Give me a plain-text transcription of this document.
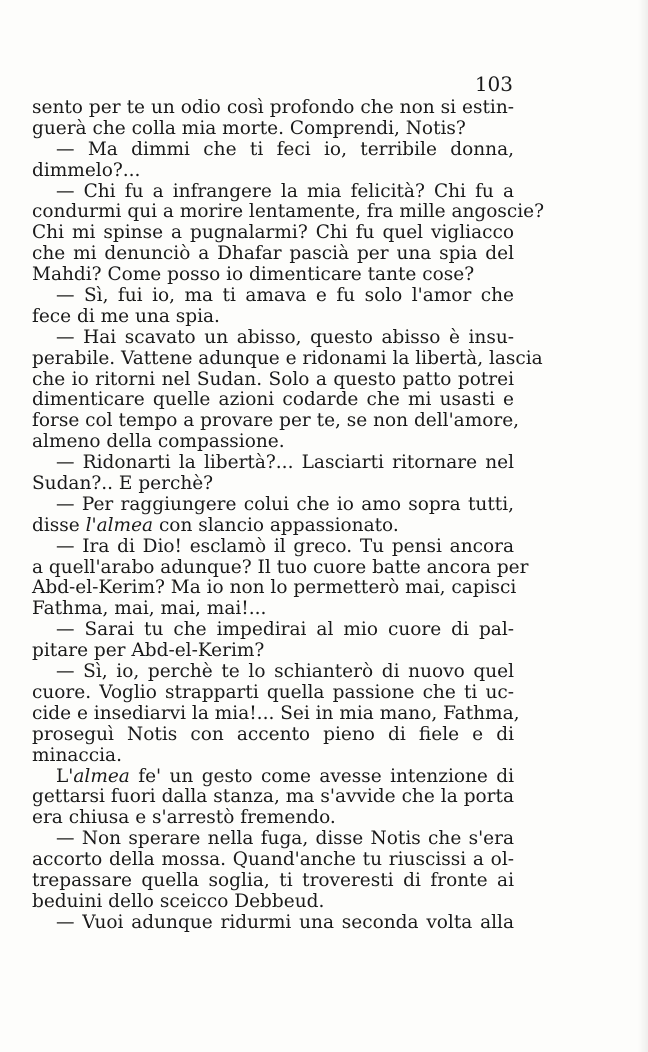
103
sento per te un odio così profondo che non si estin-
guerà che colla mia morte. Comprendi, Notis?
— Ma dimmi che ti feci io, terribile donna,
dimmelo?...
— Chi fu a infrangere la mia felicità? Chi fu a
condurmi qui a morire lentamente, fra mille angoscie?
Chi mi spinse a pugnalarmi? Chi fu quel vigliacco
che mi denunciò a Dhafar pascià per una spia del
Mahdi? Come posso io dimenticare tante cose?
— Sì, fui io, ma ti amava e fu solo l'amor che
fece di me una spia.
— Hai scavato un abisso, questo abisso è insu-
perabile. Vattene adunque e ridonami la libertà, lascia
che io ritorni nel Sudan. Solo a questo patto potrei
dimenticare quelle azioni codarde che mi usasti e
forse col tempo a provare per te, se non dell'amore,
almeno della compassione.
— Ridonarti la libertà?... Lasciarti ritornare nel
Sudan?.. E perchè?
— Per raggiungere colui che io amo sopra tutti,
disse l'almea con slancio appassionato.
— Ira di Dio! esclamò il greco. Tu pensi ancora
a quell'arabo adunque? Il tuo cuore batte ancora per
Abd-el-Kerim? Ma io non lo permetterò mai, capisci
Fathma, mai, mai, mai!...
— Sarai tu che impedirai al mio cuore di pal-
pitare per Abd-el-Kerim?
— Sì, io, perchè te lo schianterò di nuovo quel
cuore. Voglio strapparti quella passione che ti uc-
cide e insediarvi la mia!... Sei in mia mano, Fathma,
proseguì Notis con accento pieno di fiele e di
minaccia.
L'almea fe' un gesto come avesse intenzione di
gettarsi fuori dalla stanza, ma s'avvide che la porta
era chiusa e s'arrestò fremendo.
— Non sperare nella fuga, disse Notis che s'era
accorto della mossa. Quand'anche tu riuscissi a ol-
trepassare quella soglia, ti troveresti di fronte ai
beduini dello sceicco Debbeud.
— Vuoi adunque ridurmi una seconda volta alla
